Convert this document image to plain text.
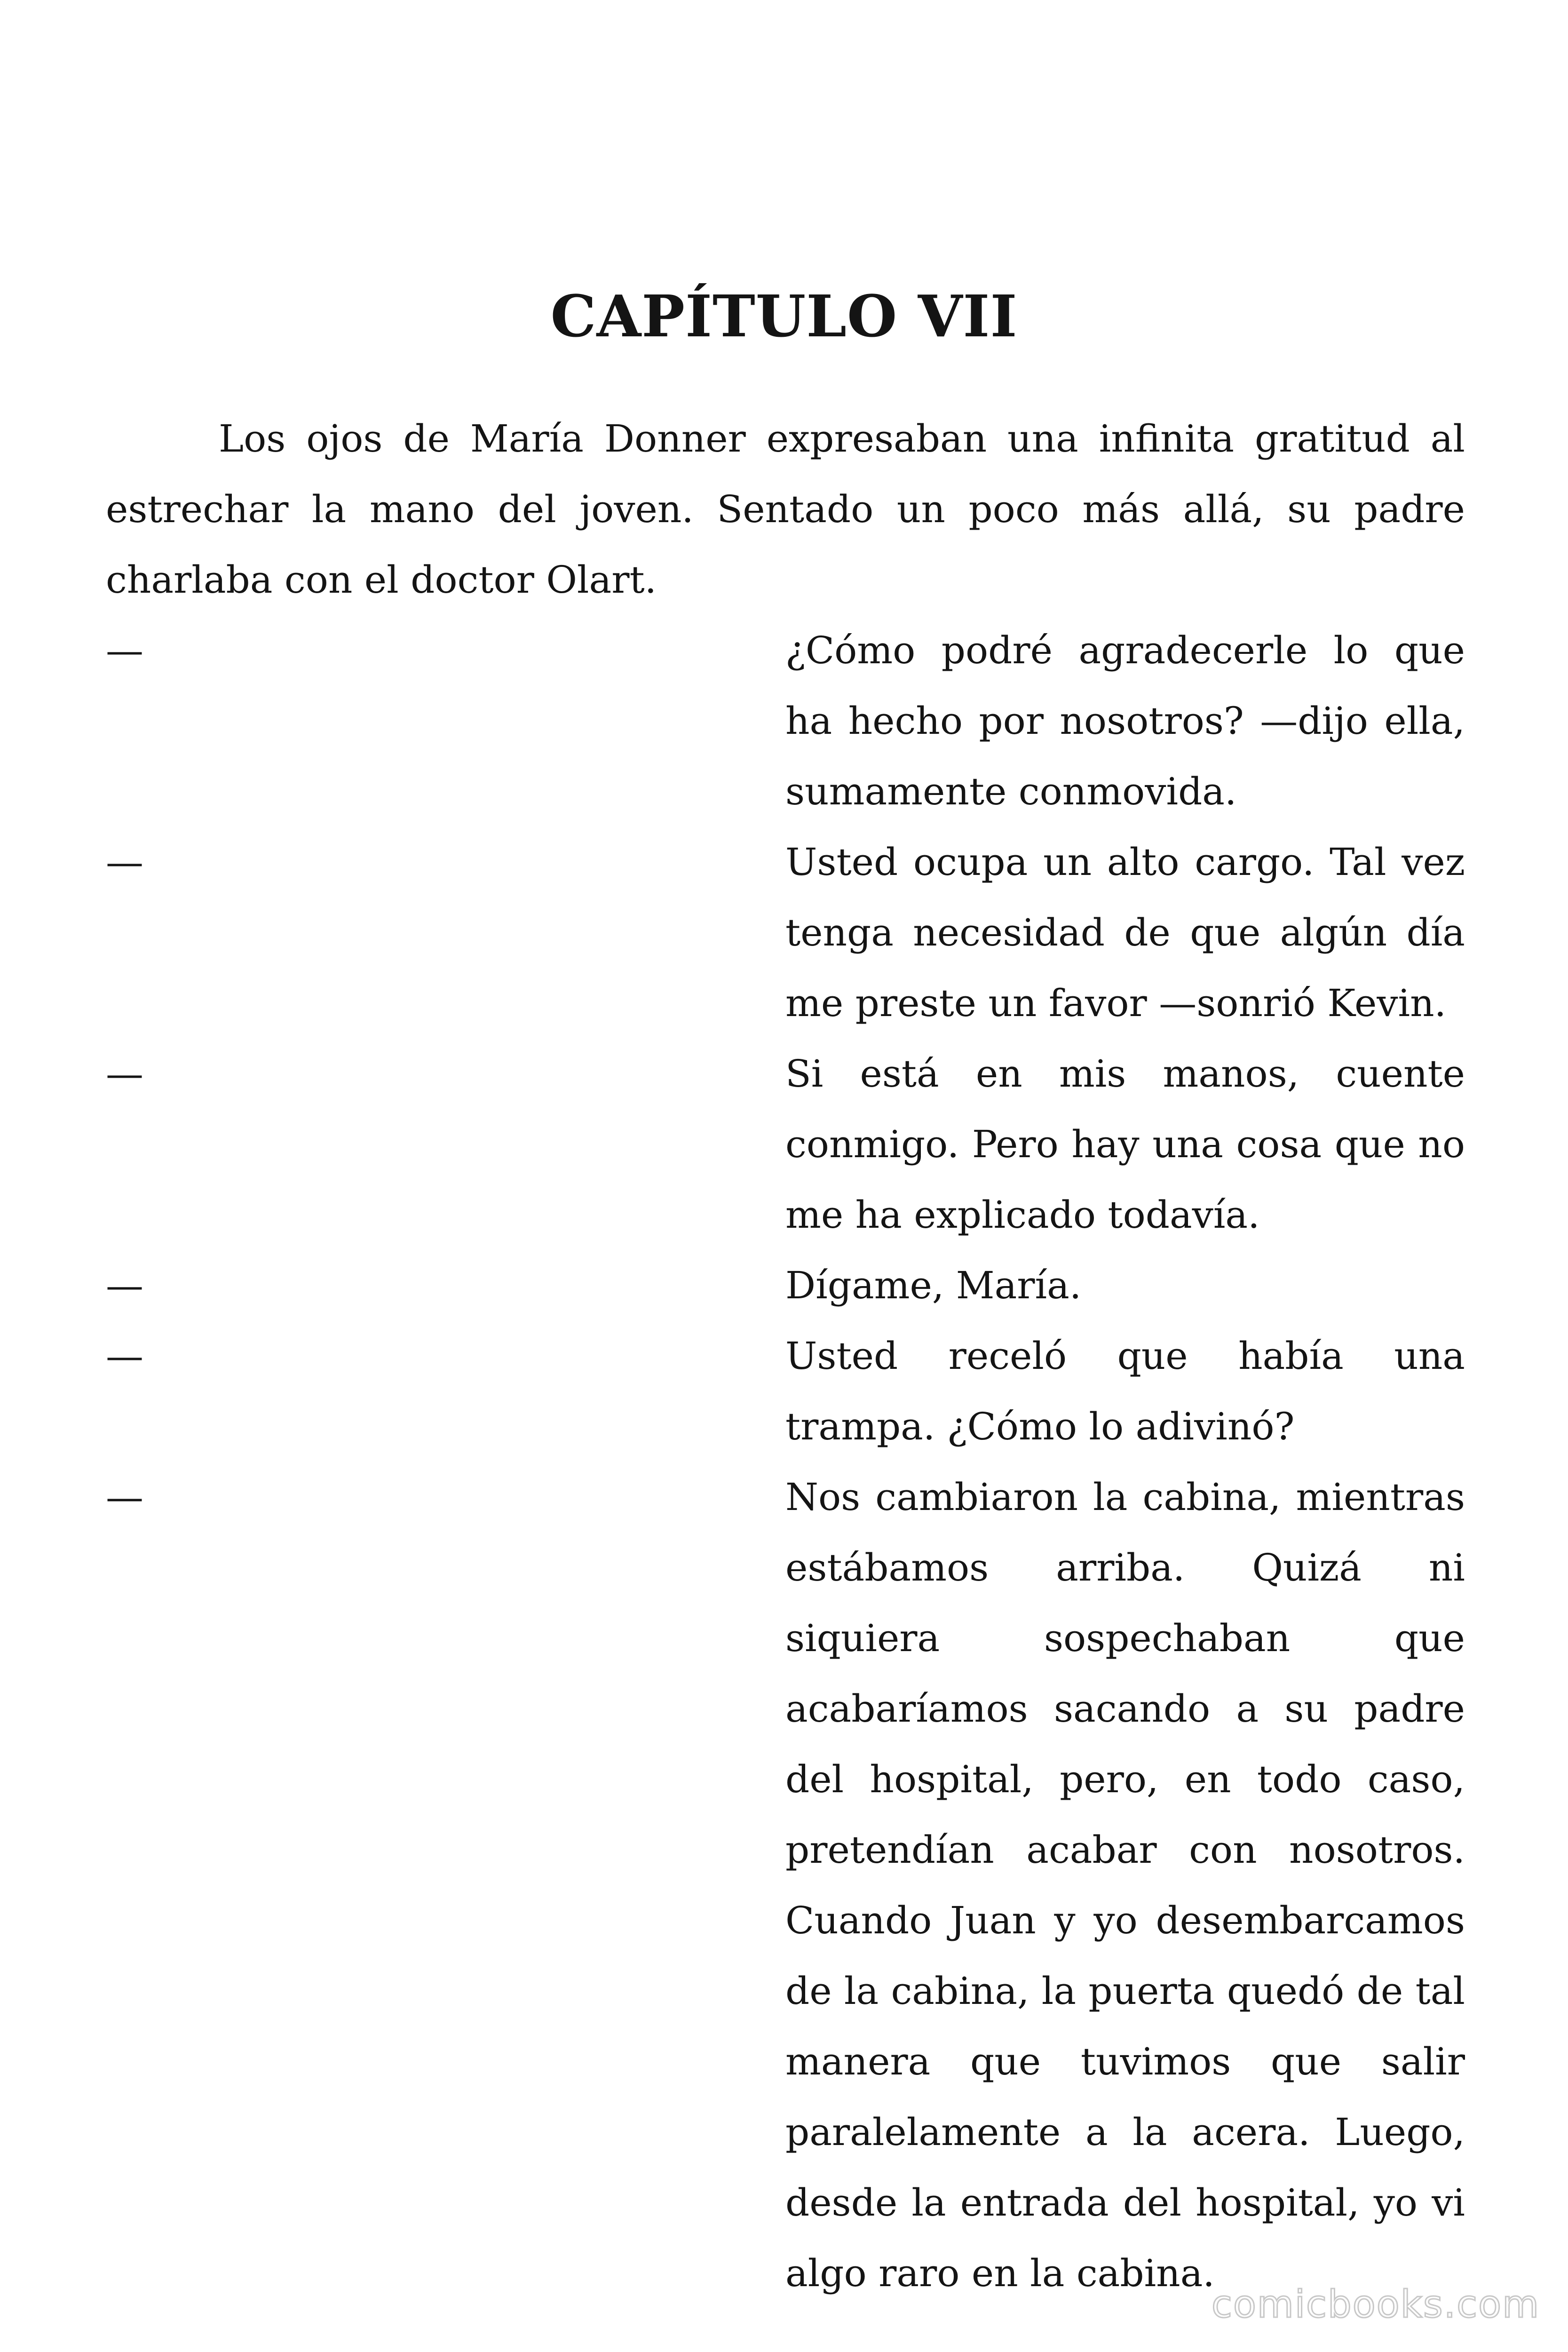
CAPÍTULO VII

Los ojos de María Donner expresaban una infinita gratitud al estrechar la mano del joven. Sentado un poco más allá, su padre charlaba con el doctor Olart.

—	¿Cómo podré agradecerle lo que ha hecho por nosotros? —dijo ella, sumamente conmovida.

—	Usted ocupa un alto cargo. Tal vez tenga necesidad de que algún día me preste un favor —sonrió Kevin.

—	Si está en mis manos, cuente conmigo. Pero hay una cosa que no me ha explicado todavía.

—	Dígame, María.

—	Usted receló que había una trampa. ¿Cómo lo adivinó?

—	Nos cambiaron la cabina, mientras estábamos arriba. Quizá ni siquiera sospechaban que acabaríamos sacando a su padre del hospital, pero, en todo caso, pretendían acabar con nosotros. Cuando Juan y yo desembarcamos de la cabina, la puerta quedó de tal manera que tuvimos que salir paralelamente a la acera. Luego, desde la entrada del hospital, yo vi algo raro en la cabina.

comicbooks.com
